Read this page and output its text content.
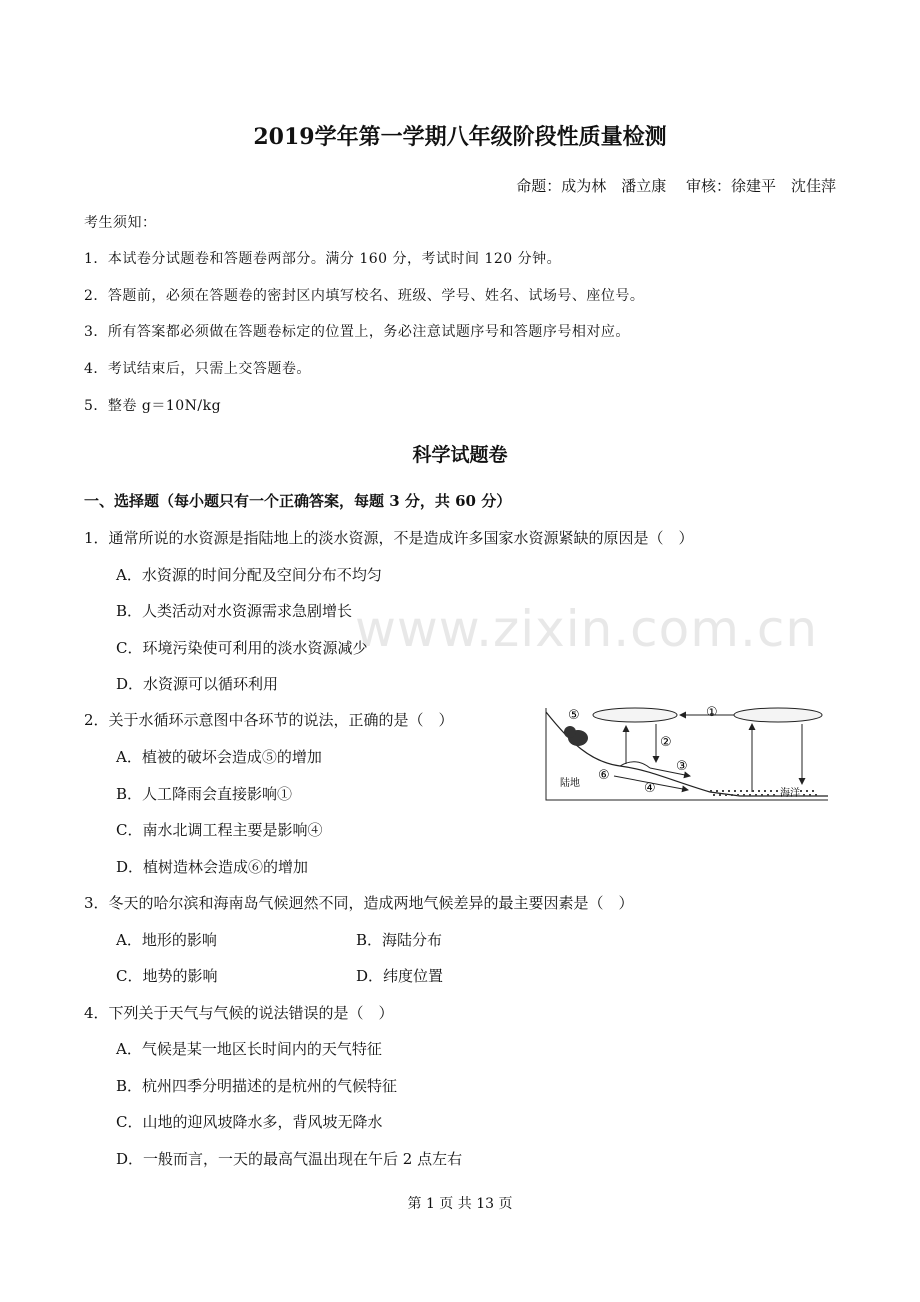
www.zixin.com.cn
2019学年第一学期八年级阶段性质量检测
命题：成为林　潘立康　 审核：徐建平　沈佳萍
考生须知：
1．本试卷分试题卷和答题卷两部分。满分 160 分，考试时间 120 分钟。
2．答题前，必须在答题卷的密封区内填写校名、班级、学号、姓名、试场号、座位号。
3．所有答案都必须做在答题卷标定的位置上，务必注意试题序号和答题序号相对应。
4．考试结束后，只需上交答题卷。
5．整卷 g＝10N/kg
科学试题卷
一、选择题（每小题只有一个正确答案，每题 3 分，共 60 分）
1．通常所说的水资源是指陆地上的淡水资源，不是造成许多国家水资源紧缺的原因是（　）
A．水资源的时间分配及空间分布不均匀
B．人类活动对水资源需求急剧增长
C．环境污染使可利用的淡水资源减少
D．水资源可以循环利用
2．关于水循环示意图中各环节的说法，正确的是（　）
A．植被的破坏会造成⑤的增加
B．人工降雨会直接影响①
C．南水北调工程主要是影响④
D．植树造林会造成⑥的增加
①
②
③
④
⑤
⑥
陆地
海洋
3．冬天的哈尔滨和海南岛气候迥然不同，造成两地气候差异的最主要因素是（　）
A．地形的影响	B．海陆分布
C．地势的影响	D．纬度位置
4．下列关于天气与气候的说法错误的是（　）
A．气候是某一地区长时间内的天气特征
B．杭州四季分明描述的是杭州的气候特征
C．山地的迎风坡降水多，背风坡无降水
D．一般而言，一天的最高气温出现在午后 2 点左右
第 1 页 共 13 页
